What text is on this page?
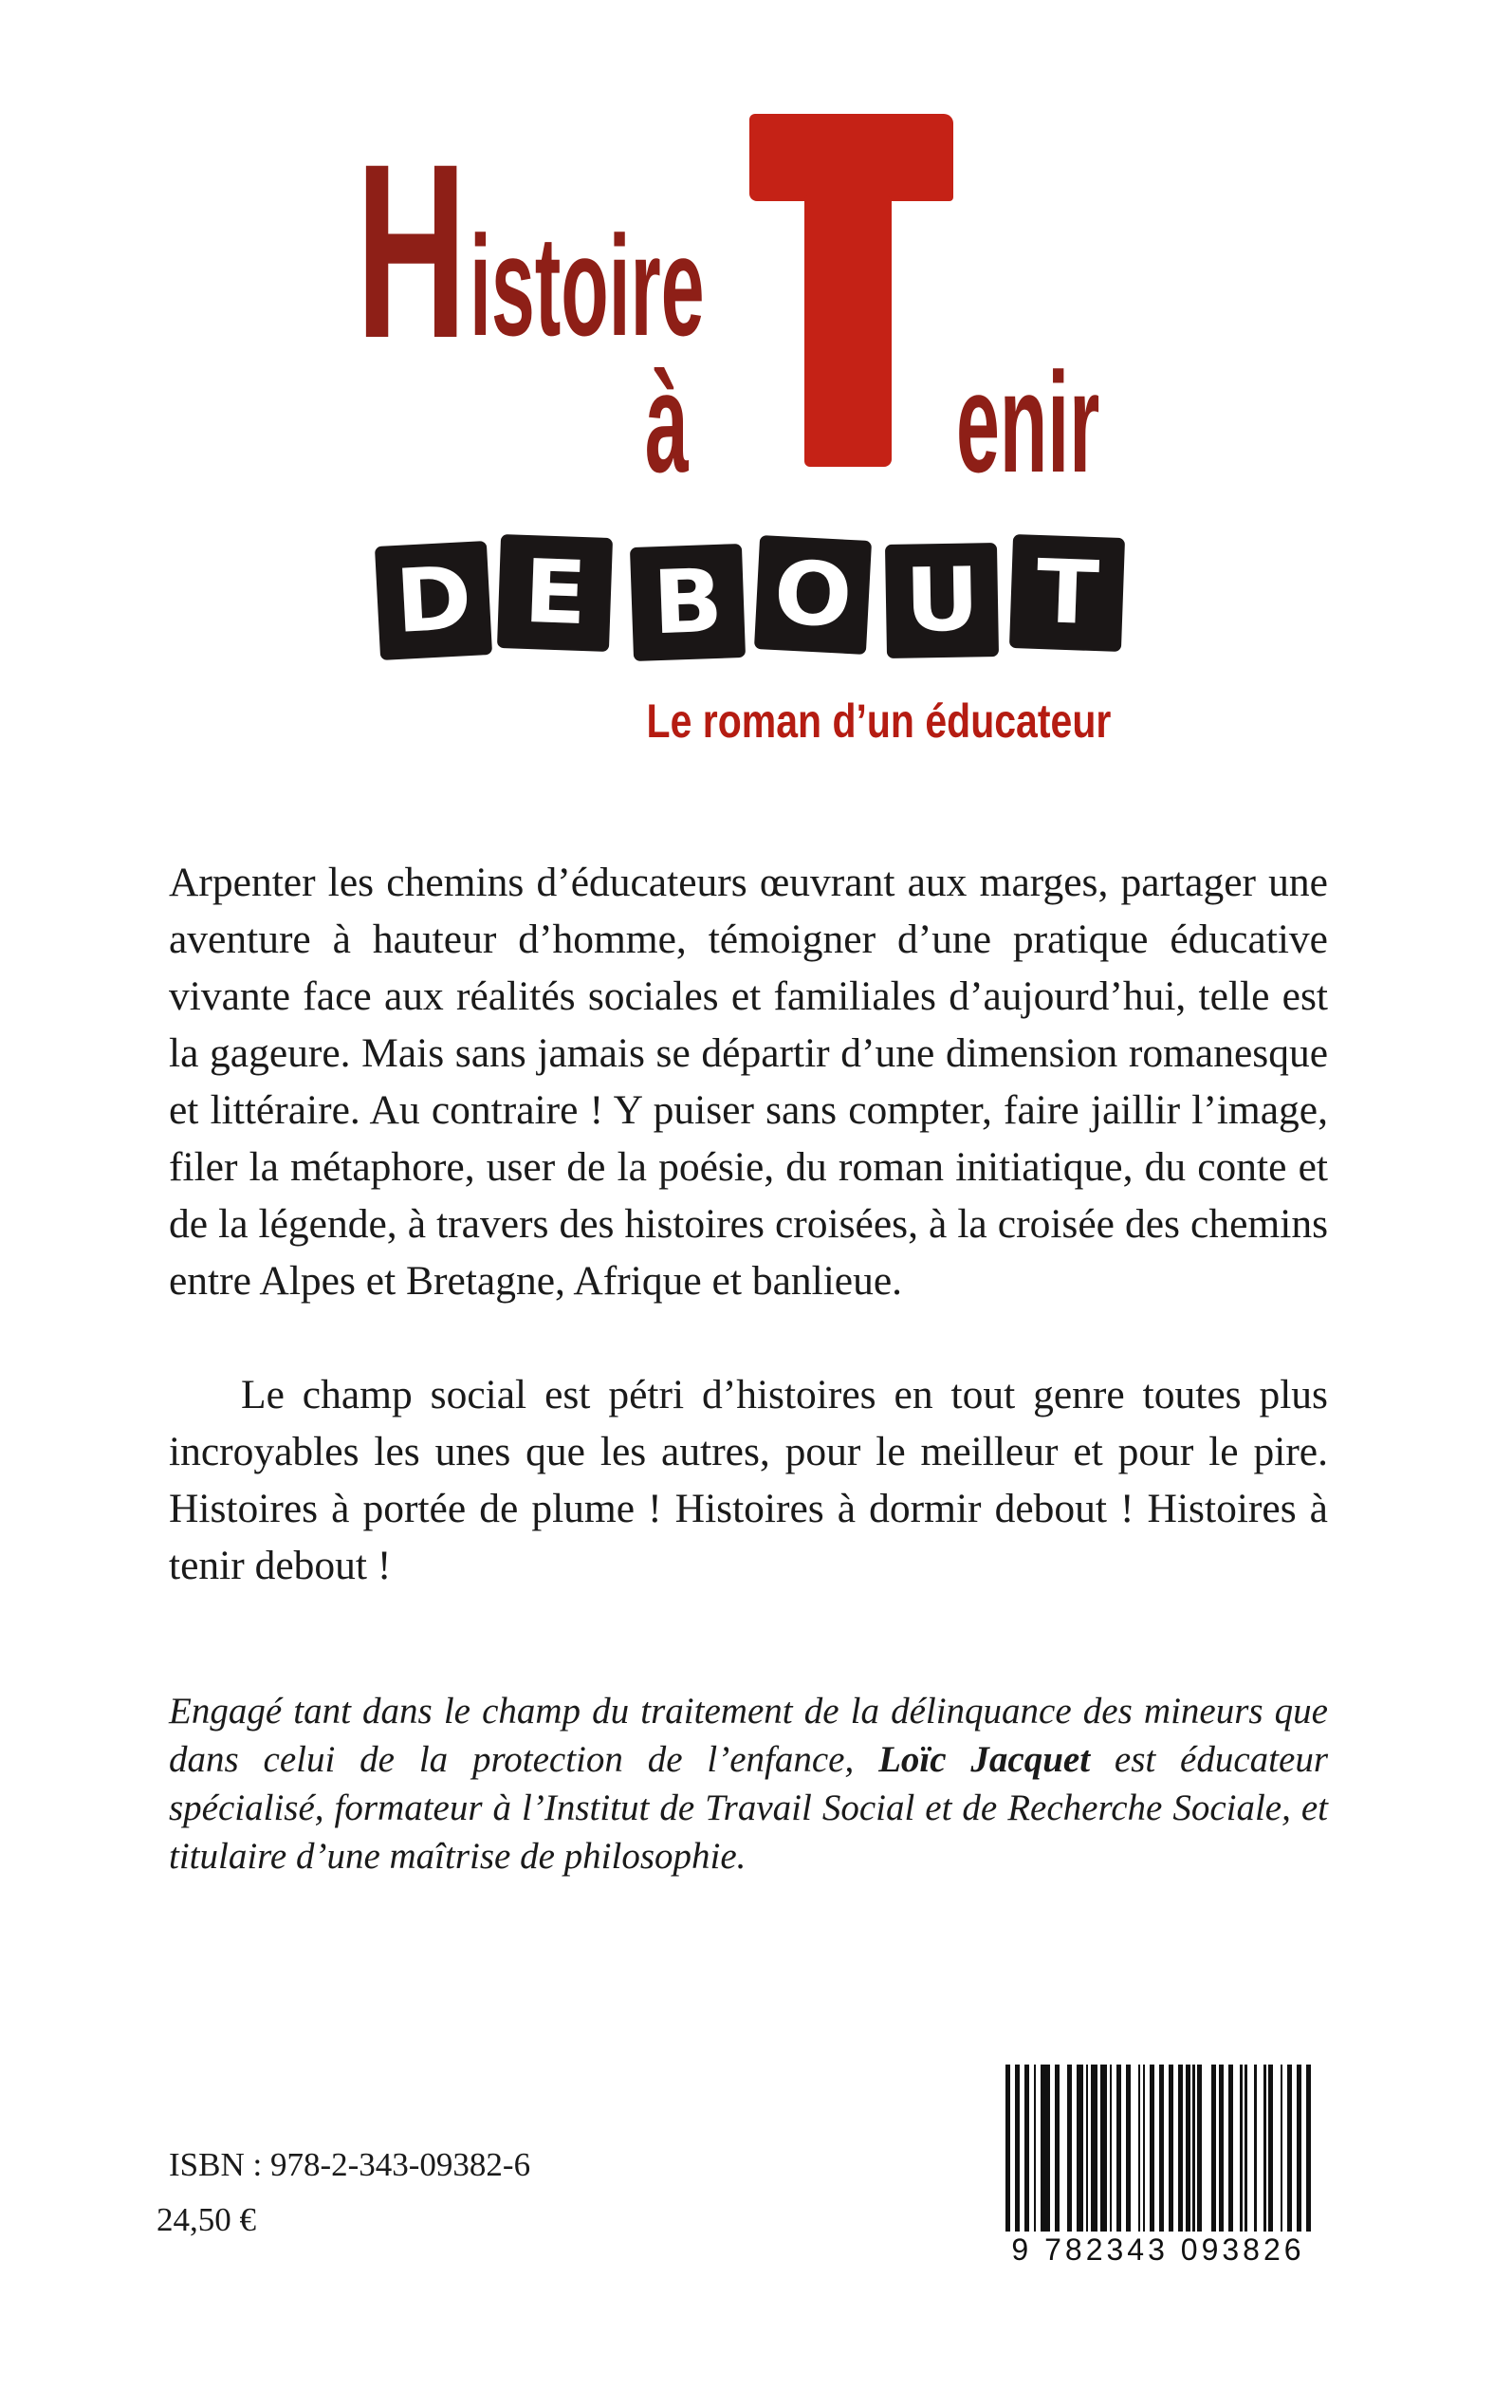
H istoire
à enir
D E B O U T
Le roman d’un éducateur

Arpenter les chemins d’éducateurs œuvrant aux marges, partager une aventure à hauteur d’homme, témoigner d’une pratique éducative vivante face aux réalités sociales et familiales d’aujourd’hui, telle est la gageure. Mais sans jamais se départir d’une dimension romanesque et littéraire. Au contraire ! Y puiser sans compter, faire jaillir l’image, filer la métaphore, user de la poésie, du roman initiatique, du conte et de la légende, à travers des histoires croisées, à la croisée des chemins entre Alpes et Bretagne, Afrique et banlieue.

Le champ social est pétri d’histoires en tout genre toutes plus incroyables les unes que les autres, pour le meilleur et pour le pire. Histoires à portée de plume ! Histoires à dormir debout ! Histoires à tenir debout !

Engagé tant dans le champ du traitement de la délinquance des mineurs que dans celui de la protection de l’enfance, Loïc Jacquet est éducateur spécialisé, formateur à l’Institut de Travail Social et de Recherche Sociale, et titulaire d’une maîtrise de philosophie.

ISBN : 978-2-343-09382-6
24,50 €
9 782343 093826
